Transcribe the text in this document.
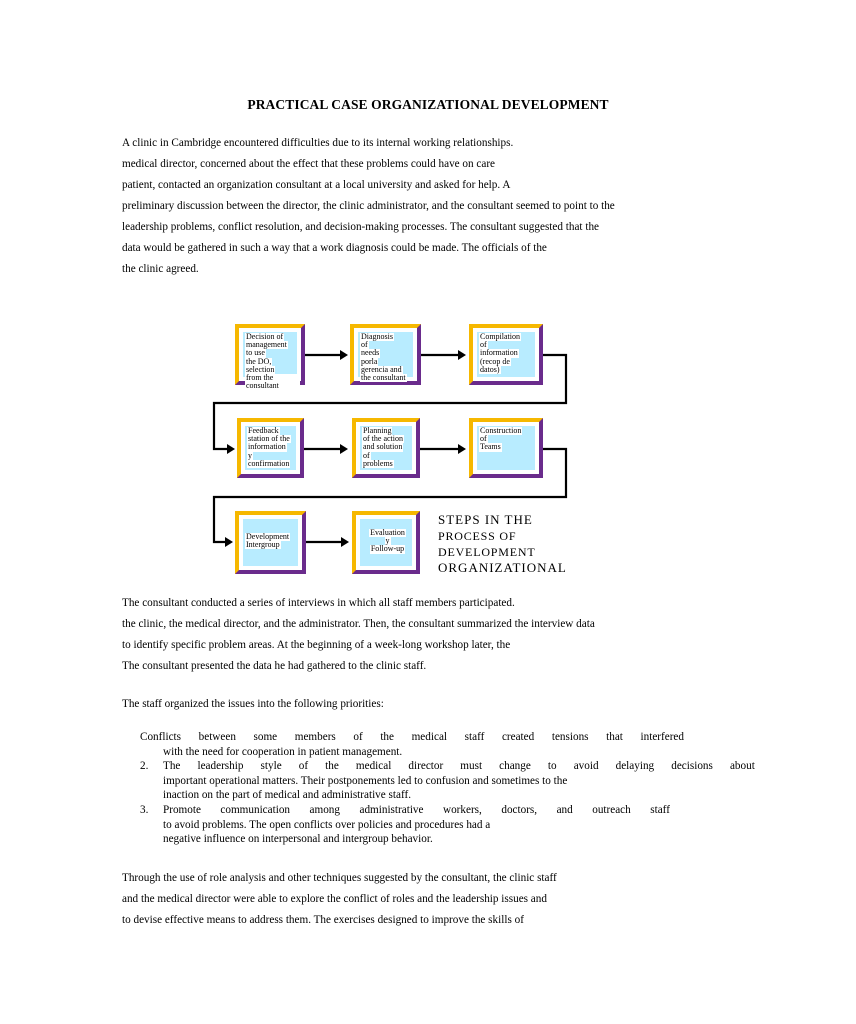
PRACTICAL CASE ORGANIZATIONAL DEVELOPMENT
A clinic in Cambridge encountered difficulties due to its internal working relationships.
medical director, concerned about the effect that these problems could have on care
patient, contacted an organization consultant at a local university and asked for help. A
preliminary discussion between the director, the clinic administrator, and the consultant seemed to point to the
leadership problems, conflict resolution, and decision-making processes. The consultant suggested that the
data would be gathered in such a way that a work diagnosis could be made. The officials of the
the clinic agreed.
Decision of
management
to use
the DO,
selection
from the consultant
Diagnosis
of
needs
porla
gerencia and
the consultant
Compilation
of
information
(recop de
datos)
Feedback
station of the
information
y
confirmation
Planning
of the action
and solution
of
problems
Construction
of
Teams
Development
Intergroup
Evaluation
y
Follow-up
STEPS IN THE
PROCESS OF
DEVELOPMENT
ORGANIZATIONAL
The consultant conducted a series of interviews in which all staff members participated.
the clinic, the medical director, and the administrator. Then, the consultant summarized the interview data
to identify specific problem areas. At the beginning of a week-long workshop later, the
The consultant presented the data he had gathered to the clinic staff.
The staff organized the issues into the following priorities:
Conflicts between some members of the medical staff created tensions that interfered
with the need for cooperation in patient management.
2. The leadership style of the medical director must change to avoid delaying decisions about
important operational matters. Their postponements led to confusion and sometimes to the
inaction on the part of medical and administrative staff.
3. Promote communication among administrative workers, doctors, and outreach staff
to avoid problems. The open conflicts over policies and procedures had a
negative influence on interpersonal and intergroup behavior.
Through the use of role analysis and other techniques suggested by the consultant, the clinic staff
and the medical director were able to explore the conflict of roles and the leadership issues and
to devise effective means to address them. The exercises designed to improve the skills of
